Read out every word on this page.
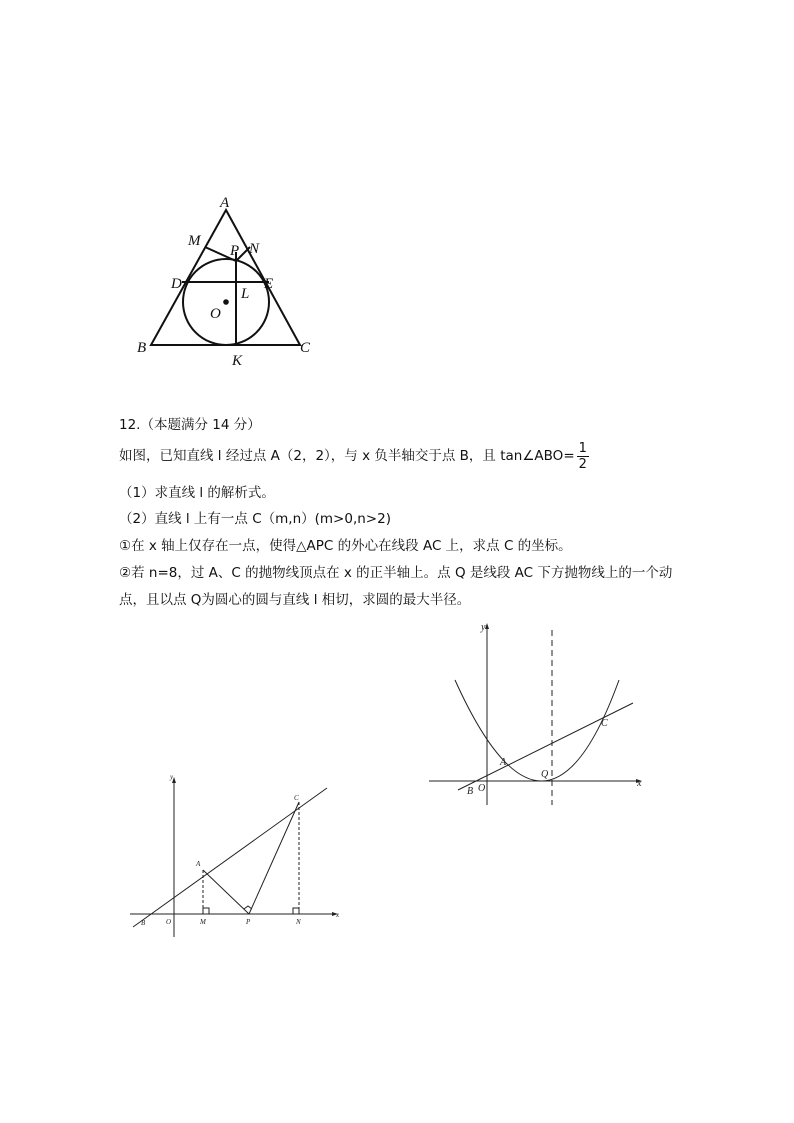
A
M
P N
D	E
L
O
B	C
K
12.（本题满分 14 分）
如图，已知直线 l 经过点 A（2，2），与 x 负半轴交于点 B，且 tan∠ABO= $\frac{1}{2}$
（1）求直线 l 的解析式。
（2）直线 l 上有一点 C（m,n）(m>0,n>2)
①在 x 轴上仅存在一点，使得△APC 的外心在线段 AC 上，求点 C 的坐标。
②若 n=8，过 A、C 的抛物线顶点在 x 的正半轴上。点 Q 是线段 AC 下方抛物线上的一个动
点，且以点 Q为圆心的圆与直线 l 相切，求圆的最大半径。
y
x
A
B O
Q
C
y
x
A
B	O	M	P	N
C
